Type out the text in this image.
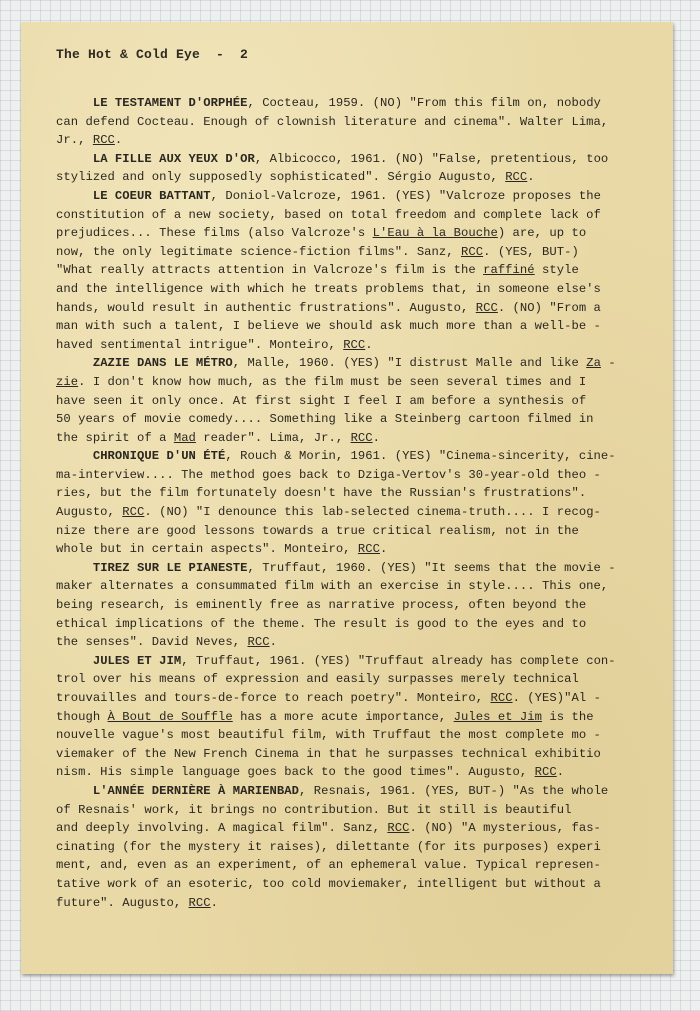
The Hot & Cold Eye  -  2
LE TESTAMENT D'ORPHÉE, Cocteau, 1959. (NO) "From this film on, nobody
can defend Cocteau. Enough of clownish literature and cinema". Walter Lima,
Jr., RCC.
LA FILLE AUX YEUX D'OR, Albicocco, 1961. (NO) "False, pretentious, too
stylized and only supposedly sophisticated". Sérgio Augusto, RCC.
LE COEUR BATTANT, Doniol-Valcroze, 1961. (YES) "Valcroze proposes the
constitution of a new society, based on total freedom and complete lack of
prejudices... These films (also Valcroze's L'Eau à la Bouche) are, up to
now, the only legitimate science-fiction films". Sanz, RCC. (YES, BUT-)
"What really attracts attention in Valcroze's film is the raffiné style
and the intelligence with which he treats problems that, in someone else's
hands, would result in authentic frustrations". Augusto, RCC. (NO) "From a
man with such a talent, I believe we should ask much more than a well-be -
haved sentimental intrigue". Monteiro, RCC.
ZAZIE DANS LE MÉTRO, Malle, 1960. (YES) "I distrust Malle and like Za -
zie. I don't know how much, as the film must be seen several times and I
have seen it only once. At first sight I feel I am before a synthesis of
50 years of movie comedy.... Something like a Steinberg cartoon filmed in
the spirit of a Mad reader". Lima, Jr., RCC.
CHRONIQUE D'UN ÉTÉ, Rouch & Morin, 1961. (YES) "Cinema-sincerity, cine-
ma-interview.... The method goes back to Dziga-Vertov's 30-year-old theo -
ries, but the film fortunately doesn't have the Russian's frustrations".
Augusto, RCC. (NO) "I denounce this lab-selected cinema-truth.... I recog-
nize there are good lessons towards a true critical realism, not in the
whole but in certain aspects". Monteiro, RCC.
TIREZ SUR LE PIANESTE, Truffaut, 1960. (YES) "It seems that the movie -
maker alternates a consummated film with an exercise in style.... This one,
being research, is eminently free as narrative process, often beyond the
ethical implications of the theme. The result is good to the eyes and to
the senses". David Neves, RCC.
JULES ET JIM, Truffaut, 1961. (YES) "Truffaut already has complete con-
trol over his means of expression and easily surpasses merely technical
trouvailles and tours-de-force to reach poetry". Monteiro, RCC. (YES)"Al -
though À Bout de Souffle has a more acute importance, Jules et Jim is the
nouvelle vague's most beautiful film, with Truffaut the most complete mo -
viemaker of the New French Cinema in that he surpasses technical exhibitio
nism. His simple language goes back to the good times". Augusto, RCC.
L'ANNÉE DERNIÈRE À MARIENBAD, Resnais, 1961. (YES, BUT-) "As the whole
of Resnais' work, it brings no contribution. But it still is beautiful
and deeply involving. A magical film". Sanz, RCC. (NO) "A mysterious, fas-
cinating (for the mystery it raises), dilettante (for its purposes) experi
ment, and, even as an experiment, of an ephemeral value. Typical represen-
tative work of an esoteric, too cold moviemaker, intelligent but without a
future". Augusto, RCC.
